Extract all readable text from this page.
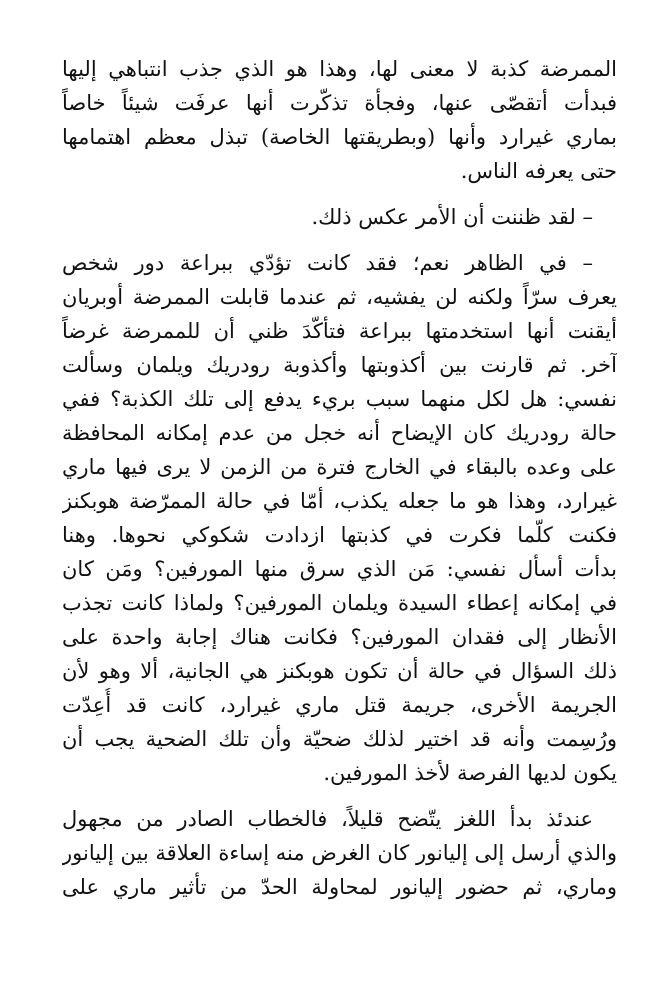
الممرضة كذبة لا معنى لها، وهذا هو الذي جذب انتباهي إليها
فبدأت أتقصّى عنها، وفجأة تذكّرت أنها عرفَت شيئاً خاصاً
بماري غيرارد وأنها (وبطريقتها الخاصة) تبذل معظم اهتمامها
حتى يعرفه الناس.

– لقد ظننت أن الأمر عكس ذلك.

– في الظاهر نعم؛ فقد كانت تؤدّي ببراعة دور شخص
يعرف سرّاً ولكنه لن يفشيه، ثم عندما قابلت الممرضة أوبريان
أيقنت أنها استخدمتها ببراعة فتأكّدَ ظني أن للممرضة غرضاً
آخر. ثم قارنت بين أكذوبتها وأكذوبة رودريك ويلمان وسألت
نفسي: هل لكل منهما سبب بريء يدفع إلى تلك الكذبة؟ ففي
حالة رودريك كان الإيضاح أنه خجل من عدم إمكانه المحافظة
على وعده بالبقاء في الخارج فترة من الزمن لا يرى فيها ماري
غيرارد، وهذا هو ما جعله يكذب، أمّا في حالة الممرّضة هوبكنز
فكنت كلّما فكرت في كذبتها ازدادت شكوكي نحوها. وهنا
بدأت أسأل نفسي: مَن الذي سرق منها المورفين؟ ومَن كان
في إمكانه إعطاء السيدة ويلمان المورفين؟ ولماذا كانت تجذب
الأنظار إلى فقدان المورفين؟ فكانت هناك إجابة واحدة على
ذلك السؤال في حالة أن تكون هوبكنز هي الجانية، ألا وهو لأن
الجريمة الأخرى، جريمة قتل ماري غيرارد، كانت قد أُعِدّت
ورُسِمت وأنه قد اختير لذلك ضحيّة وأن تلك الضحية يجب أن
يكون لديها الفرصة لأخذ المورفين.

عندئذ بدأ اللغز يتّضح قليلاً، فالخطاب الصادر من مجهول
والذي أرسل إلى إليانور كان الغرض منه إساءة العلاقة بين إليانور
وماري، ثم حضور إليانور لمحاولة الحدّ من تأثير ماري على
